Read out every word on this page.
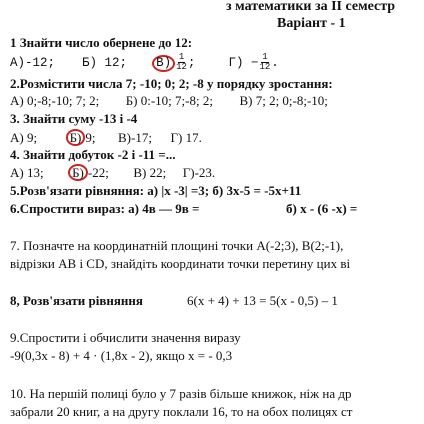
з математики за II семестр
Варіант - 1
1 Знайти число обернене до 12:
А)-12; Б) 12; $В) \frac{1}{12}$ ;	$Г) - \frac{1}{12}$ .
2.Розмістити числа 7; -10; 0; 2; -8 у порядку зростання:
А) 0;-8;-10; 7; 2; Б) 0:-10; 7;-8; 2; В) 7; 2; 0;-8;-10;
3. Знайти суму -13 і -4
А) 9;	Б) 9; В)-17; Г) 17.
4. Знайти добуток -2 і -11 =...
А) 13; Б) -22; В) 22; Г)-23.
5.Розв'язати рівняння: а) |х -3| =3; б) 3х-5 = -5х+11
6.Спростити вираз: а) 4в — 9в =	б) х - (6 -х) =
7. Позначте на координатній площині точки А(-2;3), В(2;-1),
відрізки АВ і CD, знайдіть координати точки перетину цих ві
8, Розв'язати рівняння	6(х + 4) + 13 = 5(х - 0,5) – 1
9.Спростити і обчислити значення виразу
-9(0,3х - 8) + 4 · (1,8х - 2), якщо х = - 0,3
10. На першій полиці було у 7 разів більше книжок, ніж на др
забрали 20 книг, а на другу поклали 16, то на обох полицях ст
